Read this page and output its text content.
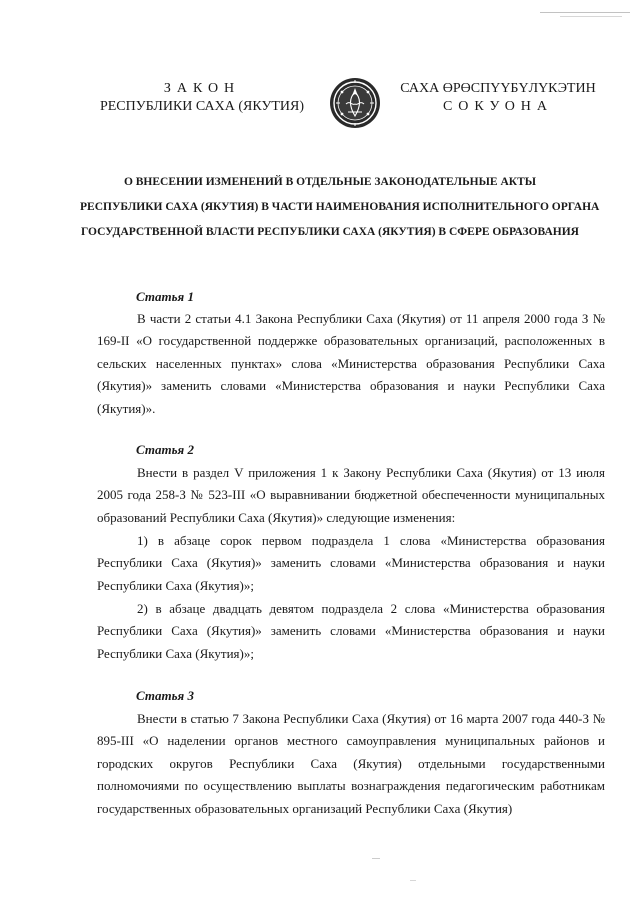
ЗАКОН
РЕСПУБЛИКИ САХА (ЯКУТИЯ)
САХА ӨРӨСПҮҮБҮЛҮКЭТИН
СОКУОНА
О ВНЕСЕНИИ ИЗМЕНЕНИЙ В ОТДЕЛЬНЫЕ ЗАКОНОДАТЕЛЬНЫЕ АКТЫ
РЕСПУБЛИКИ САХА (ЯКУТИЯ) В ЧАСТИ НАИМЕНОВАНИЯ ИСПОЛНИТЕЛЬНОГО ОРГАНА
ГОСУДАРСТВЕННОЙ ВЛАСТИ РЕСПУБЛИКИ САХА (ЯКУТИЯ) В СФЕРЕ ОБРАЗОВАНИЯ
Статья 1
В части 2 статьи 4.1 Закона Республики Саха (Якутия) от 11 апреля 2000 года З № 169-II «О государственной поддержке образовательных организаций, расположенных в сельских населенных пунктах» слова «Министерства образования Республики Саха (Якутия)» заменить словами «Министерства образования и науки Республики Саха (Якутия)».
Статья 2
Внести в раздел V приложения 1 к Закону Республики Саха (Якутия) от 13 июля 2005 года 258-З № 523-III «О выравнивании бюджетной обеспеченности муниципальных образований Республики Саха (Якутия)» следующие изменения:
1) в абзаце сорок первом подраздела 1 слова «Министерства образования Республики Саха (Якутия)» заменить словами «Министерства образования и науки Республики Саха (Якутия)»;
2) в абзаце двадцать девятом подраздела 2 слова «Министерства образования Республики Саха (Якутия)» заменить словами «Министерства образования и науки Республики Саха (Якутия)»;
Статья 3
Внести в статью 7 Закона Республики Саха (Якутия) от 16 марта 2007 года 440-З № 895-III «О наделении органов местного самоуправления муниципальных районов и городских округов Республики Саха (Якутия) отдельными государственными полномочиями по осуществлению выплаты вознаграждения педагогическим работникам государственных образовательных организаций Республики Саха (Якутия)
